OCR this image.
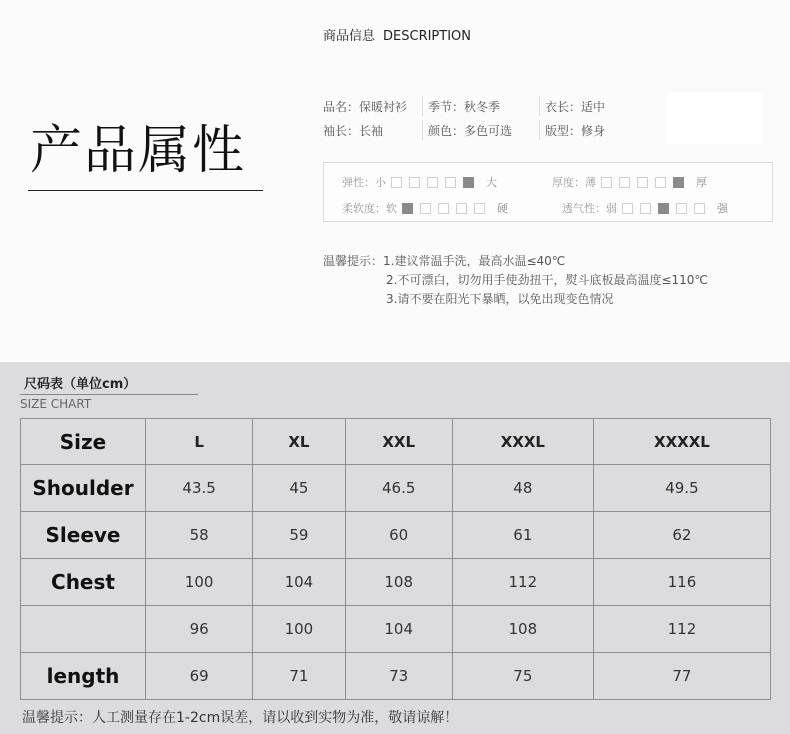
商品信息 DESCRIPTION
产品属性
品名：保暖衬衫 季节：秋冬季	衣长：适中
袖长：长袖	颜色：多色可选	版型：修身
弹性：小	大	厚度：薄	厚
柔软度：软	硬	透气性：弱	强
温馨提示：1.建议常温手洗，最高水温≤40℃
2.不可漂白，切勿用手使劲扭干，熨斗底板最高温度≤110℃
3.请不要在阳光下暴晒，以免出现变色情况
尺码表（单位cm）
SIZE CHART
Size	L	XL	XXL	XXXL	XXXXL
Shoulder	43.5	45	46.5	48	49.5
Sleeve	58	59	60	61	62
Chest	100	104	108	112	116
	96	100	104	108	112
length	69	71	73	75	77
温馨提示：人工测量存在1-2cm误差，请以收到实物为准，敬请谅解！
